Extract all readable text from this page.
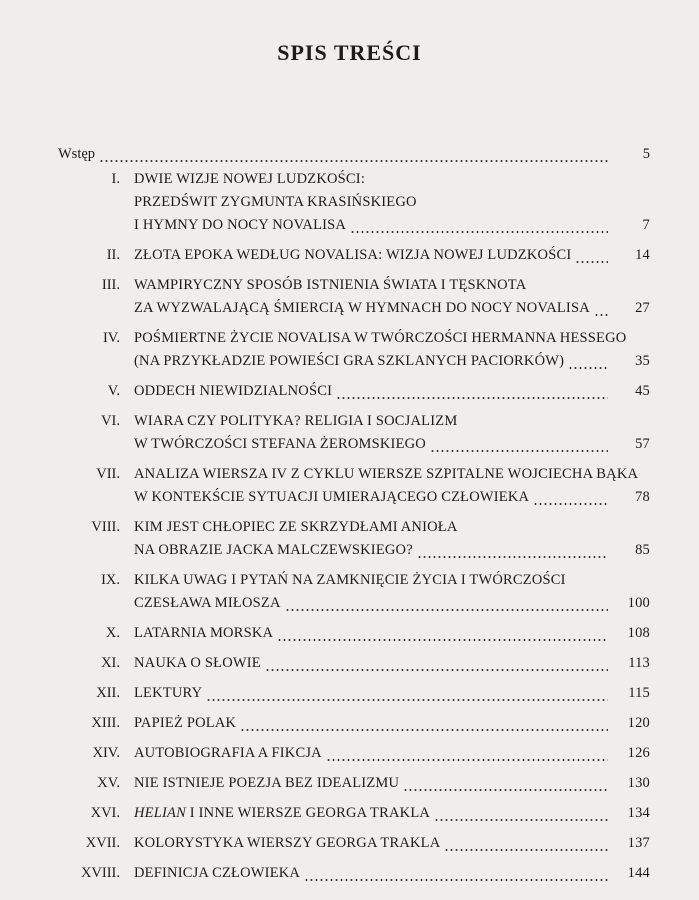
SPIS TREŚCI
Wstęp	5
I. DWIE WIZJE NOWEJ LUDZKOŚCI:
PRZEDŚWIT ZYGMUNTA KRASIŃSKIEGO
I HYMNY DO NOCY NOVALISA	7
II. ZŁOTA EPOKA WEDŁUG NOVALISA: WIZJA NOWEJ LUDZKOŚCI	14
III. WAMPIRYCZNY SPOSÓB ISTNIENIA ŚWIATA I TĘSKNOTA
ZA WYZWALAJĄCĄ ŚMIERCIĄ W HYMNACH DO NOCY NOVALISA	27
IV. POŚMIERTNE ŻYCIE NOVALISA W TWÓRCZOŚCI HERMANNA HESSEGO
(NA PRZYKŁADZIE POWIEŚCI GRA SZKLANYCH PACIORKÓW)	35
V. ODDECH NIEWIDZIALNOŚCI	45
VI. WIARA CZY POLITYKA? RELIGIA I SOCJALIZM
W TWÓRCZOŚCI STEFANA ŻEROMSKIEGO	57
VII. ANALIZA WIERSZA IV Z CYKLU WIERSZE SZPITALNE WOJCIECHA BĄKA
W KONTEKŚCIE SYTUACJI UMIERAJĄCEGO CZŁOWIEKA	78
VIII. KIM JEST CHŁOPIEC ZE SKRZYDŁAMI ANIOŁA
NA OBRAZIE JACKA MALCZEWSKIEGO?	85
IX. KILKA UWAG I PYTAŃ NA ZAMKNIĘCIE ŻYCIA I TWÓRCZOŚCI
CZESŁAWA MIŁOSZA	100
X. LATARNIA MORSKA	108
XI. NAUKA O SŁOWIE	113
XII. LEKTURY	115
XIII. PAPIEŻ POLAK	120
XIV. AUTOBIOGRAFIA A FIKCJA	126
XV. NIE ISTNIEJE POEZJA BEZ IDEALIZMU	130
XVI. HELIAN I INNE WIERSZE GEORGA TRAKLA	134
XVII. KOLORYSTYKA WIERSZY GEORGA TRAKLA	137
XVIII. DEFINICJA CZŁOWIEKA	144
